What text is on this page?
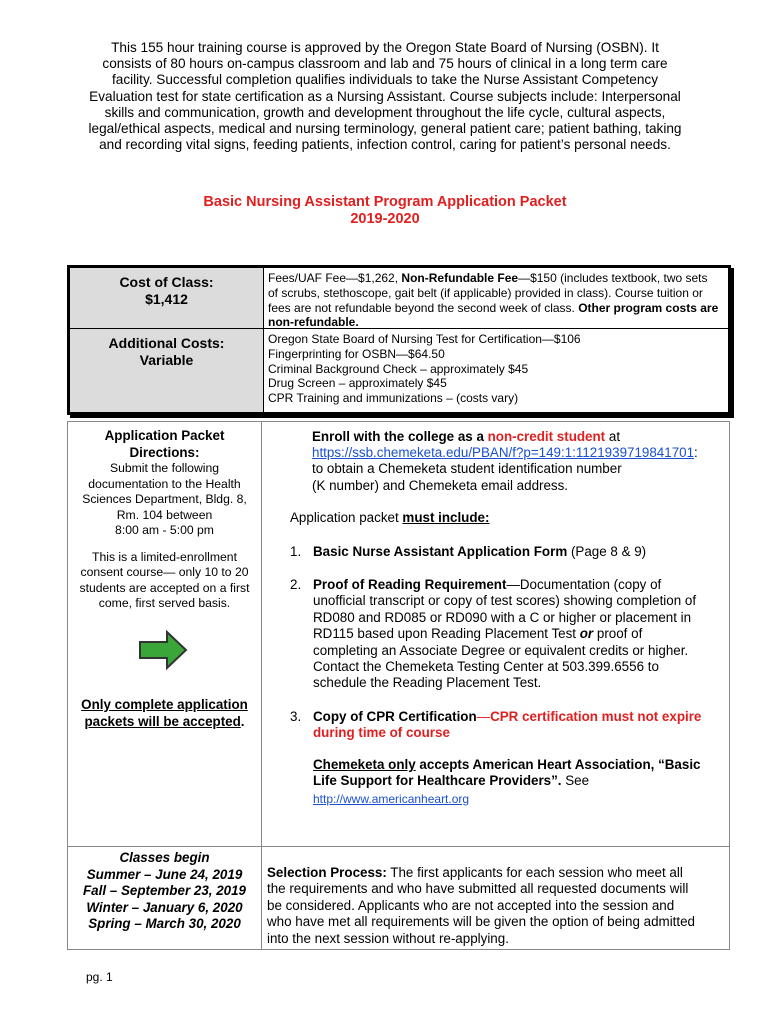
This 155 hour training course is approved by the Oregon State Board of Nursing (OSBN). It consists of 80 hours on-campus classroom and lab and 75 hours of clinical in a long term care facility. Successful completion qualifies individuals to take the Nurse Assistant Competency Evaluation test for state certification as a Nursing Assistant. Course subjects include: Interpersonal skills and communication, growth and development throughout the life cycle, cultural aspects, legal/ethical aspects, medical and nursing terminology, general patient care; patient bathing, taking and recording vital signs, feeding patients, infection control, caring for patient’s personal needs.
Basic Nursing Assistant Program Application Packet
2019-2020
Cost of Class:
$1,412
Additional Costs:
Variable
Fees/UAF Fee—$1,262, Non-Refundable Fee—$150 (includes textbook, two sets of scrubs, stethoscope, gait belt (if applicable) provided in class). Course tuition or fees are not refundable beyond the second week of class. Other program costs are non-refundable.
Oregon State Board of Nursing Test for Certification—$106
Fingerprinting for OSBN—$64.50
Criminal Background Check – approximately $45
Drug Screen – approximately $45
CPR Training and immunizations – (costs vary)
Application Packet
Directions:
Submit the following
documentation to the Health
Sciences Department, Bldg. 8,
Rm. 104 between
8:00 am - 5:00 pm
This is a limited-enrollment
consent course— only 10 to 20
students are accepted on a first
come, first served basis.
Only complete application
packets will be accepted.
Classes begin
Summer – June 24, 2019
Fall – September 23, 2019
Winter – January 6, 2020
Spring – March 30, 2020
Enroll with the college as a non-credit student at
https://ssb.chemeketa.edu/PBAN/f?p=149:1:1121939719841701:
to obtain a Chemeketa student identification number
(K number) and Chemeketa email address.
Application packet must include:
1. Basic Nurse Assistant Application Form (Page 8 & 9)
2. Proof of Reading Requirement—Documentation (copy of
unofficial transcript or copy of test scores) showing completion of
RD080 and RD085 or RD090 with a C or higher or placement in
RD115 based upon Reading Placement Test or proof of
completing an Associate Degree or equivalent credits or higher.
Contact the Chemeketa Testing Center at 503.399.6556 to
schedule the Reading Placement Test.
3. Copy of CPR Certification—CPR certification must not expire
during time of course
Chemeketa only accepts American Heart Association, “Basic
Life Support for Healthcare Providers”. See
http://www.americanheart.org
Selection Process: The first applicants for each session who meet all
the requirements and who have submitted all requested documents will
be considered. Applicants who are not accepted into the session and
who have met all requirements will be given the option of being admitted
into the next session without re-applying.
pg. 1
